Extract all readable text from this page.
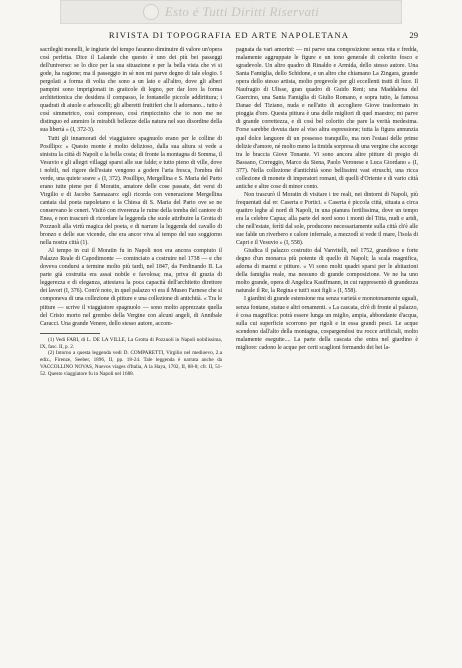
Esto é Tutti Diritti Riservati
RIVISTA DI TOPOGRAFIA ED ARTE NAPOLETANA	29

sacrileghi monelli, le ingiurie del tempo faranno diminuire di valore un'opera così perfetta. Dice il Lalande che questo è uno dei più bei passeggi dell'universo: se lo dice per la sua situazione e per la bella vista che vi si gode, ha ragione; ma il passeggio in sè non mi parve degno di tale elogio. I pergolati a forma di volta che sono a un lato e all'altro, dove gli alberi pampini sono imprigionati in graticole di legno, per dar loro la forma architettonica che desidera il compasso, le fontanelle piccole addirittura; i quadrati di aiuole e arboscelli; gli alberetti fruttiferi che li adornano... tutto è così simmetrico, così compresso, così rimpiccinito che io non me ne distinguo ed ammiro le mirabili bellezze della natura nel suo disordine della sua libertà » (I, 372-3).

Tutti gli innamorati del viaggiatore spagnuolo erano per le colline di Posillipo: « Questo monte è molto delizioso, dalla sua altura si vede a sinistra la città di Napoli e la bella costa; di fronte la montagna di Somma, il Vesuvio e gli allegri villaggi sparsi alle sue falde; e tutto pieno di ville, dove i nobili, nel rigore dell'estate vengono a godere l'aria fresca, l'ombra del verde, una quiete soave » (I, 372). Posillipo, Mergellina e S. Maria del Parto erano tutte piene per il Moratin, amatore delle cose passate, dei versi di Virgilio e di Jacobo Sannazaro: egli ricorda con venerazione Mergellina cantata dal poeta napoletano e la Chiesa di S. Maria del Parto ove se ne conservano le ceneri. Visitò con riverenza le ruine della tomba del cantore di Enea, e non trascurò di ricordare la leggenda che suole attribuire la Grotta di Pozzuoli alla virtù magica del poeta, e di narrare la leggenda del cavallo di bronzo e delle sue vicende, che era ancor viva al tempo del suo soggiorno nella nostra città (1).

Al tempo in cui il Moratin fu in Napoli non era ancora compiuto il Palazzo Reale di Capodimonte — cominciato a costruire nel 1738 — e che doveva condursi a termine molto più tardi, nel 1847, da Ferdinando II. La parte già costruita era assai nobile e favolosa; ma, priva di grazia di leggerezza e di eleganza, attestava la poca capacità dell'architetto direttore dei lavori (I, 376). Com'è noto, in quel palazzo vi era il Museo Farnese che si componeva di una collezione di pitture e una collezione di antichità. « Tra le pitture — scrive il viaggiatore spagnuolo — sono molto apprezzate quella del Cristo morto nel grembo della Vergine con alcuni angeli, di Annibale Caracci. Una grande Venere, dello stesso autore, accom-

(1) Vedi FARI, di L. DE LA VILLE, La Grotta di Pozzuoli in Napoli nobilissima, IX, fasc. II, p. 2.

(2) Intorno a questa leggenda vedi D. COMPARETTI, Virgilio nel medioevo, 2.a ediz., Firenze, Seeber, 1896, II, pp. 18-24. Tale leggenda è narrata anche da VACCOLLINO NOVAS, Nuevos viages d'Italia, A la Haya, 1702, II, 88-8; cfr. II, 51-52. Questo viaggiatore fu in Napoli nel 1688.

pagnata da vari amorini: — mi parve una composizione senza vita e fredda, malamente aggruppate le figure e un tono generale di colorito fosco e sgradevole. Un altro quadro di Rinaldo e Armida, dello stesso autore. Una Santa Famiglia, dello Schidone, e un altro che chiamano La Zingara, grande opera dello stesso artista, molto pregevole per gli eccellenti tratti di luce. Il Naufragio di Ulisse, gran quadro di Guido Reni; una Maddalena del Guercino, una Santa Famiglia di Giulio Romano, e sopra tutto, la famosa Danae del Tiziano, nuda e nell'atto di accogliere Giove trasformato in pioggia d'oro. Questa pittura è una delle migliori di quel maestro; mi parve di grande correttezza, e di così bel colorito che pare la verità medesima. Forse sarebbe dovuta dare al viso altra espressione; tutta la figura annunzia quel dolce languore di un possesso tranquillo, ma non l'estasi delle prime delizie d'amore, né molto meno la timida sorpresa di una vergine che accorge tra le braccia Giove Tonante. Vi sono ancora altre pitture di pregio di Bassano, Correggio, Marco da Siena, Paolo Veronese e Luca Giordano » (I, 377). Nella collezione d'antichità sono bellissimi vasi etruschi, una ricca collezione di monete di imperatori romani, di quelli d'Oriente e di vario città antiche e altre cose di minor conto.

Non trascurò il Moratin di visitare i tre reali, nei dintorni di Napoli, più frequentati dal re: Caserta e Portici. « Caserta è piccola città, situata a circa quattro leghe al nord di Napoli, in una pianura fertilissima, dove un tempo era la celebre Capua; alla parte del nord sono i monti del Titta, nudi e aridi, che nell'estate, ferìti dal sole, producono necessariamente sulla città ch'è alle sue falde un riverbero e calore infernale, a mezzodì si vede il mare, l'isola di Capri e il Vesuvio » (I, 558).

Giudica il palazzo costruito dal Vanvitelli, nel 1752, grandioso e forte degno d'un monarca più potente di quello di Napoli; la scala magnifica, adorna di marmi e pitture. « Vi sono molti quadri sparsi per le abitazioni della famiglia reale, ma nessuno di grande composizione. Ve ne ha uno molto grande, opera di Angelica Kauffmann, in cui rappresentò di grandezza naturale il Re, la Regina e tutt'i suoi figli » (I, 558).

I giardini di grande estensione ma senza varietà e monotonamente uguali, senza fontane, statue e altri ornamenti. « La cascata, ch'è di fronte al palazzo, è cosa magnifica: potrà essere lunga un miglio, ampia, abbondante d'acqua, sulla cui superficie scorrono per rigoli e in essa grandi pesci. Le acque scendono dall'alto della montagna, cospargendosi tra rocce artificiali, molto malamente eseguite.... La parte della cascata che entra nel giardino è migliore: cadono le acque per certi scaglioni formando dei bei la-
